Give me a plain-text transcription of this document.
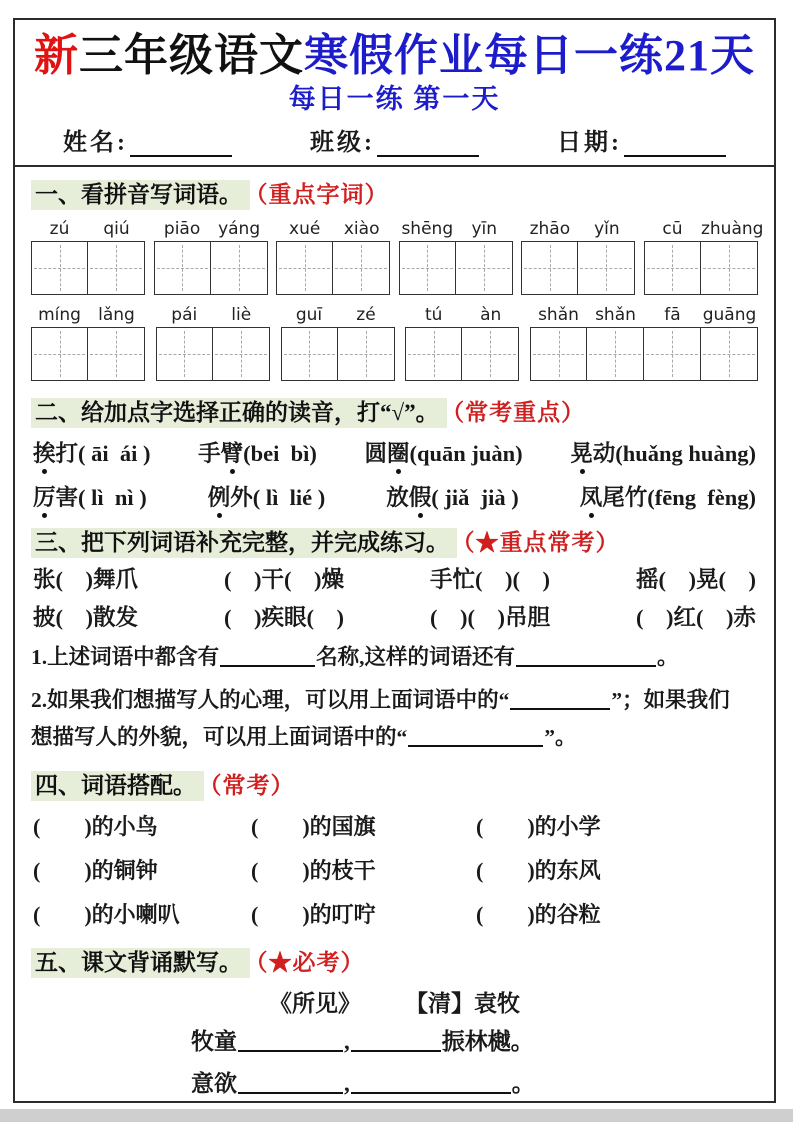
新三年级语文寒假作业每日一练21天
每日一练 第一天
姓名:	班级:	日期:
一、看拼音写词语。 （重点字词）
zú	qiú	piāo	yáng	xué	xiào	shēng	yīn	zhāo	yǐn	cū	zhuàng
míng	lǎng	pái	liè	guī	zé	tú	àn	shǎn shǎn	fā	guāng
二、给加点字选择正确的读音，打“√”。 （常考重点）
挨打( āi  ái ) 手臂(bei  bì) 圆圈(quān juàn) 晃动(huǎng huàng)
厉害( lì  nì )	例外( lì  lié )	放假( jiǎ  jià )	凤尾竹(fēng  fèng)
三、把下列词语补充完整，并完成练习。 （★重点常考）
张(    )舞爪	(    )干(    )燥	手忙(    )(    )	摇(    )晃(    )
披(    )散发	(    )疾眼(    )	(    )(    )吊胆	(    )红(    )赤

1.上述词语中都含有	名称,这样的词语还有	。

2.如果我们想描写人的心理，可以用上面词语中的“	”；如果我们
想描写人的外貌，可以用上面词语中的“	”。

四、词语搭配。 （常考）
(        )的小鸟	(        )的国旗	(        )的小学
(        )的铜钟	(        )的枝干	(        )的东风
(        )的小喇叭	(        )的叮咛	(        )的谷粒
五、课文背诵默写。 （★必考）
《所见》 【清】袁牧
牧童	,	振林樾。
意欲	,	。
